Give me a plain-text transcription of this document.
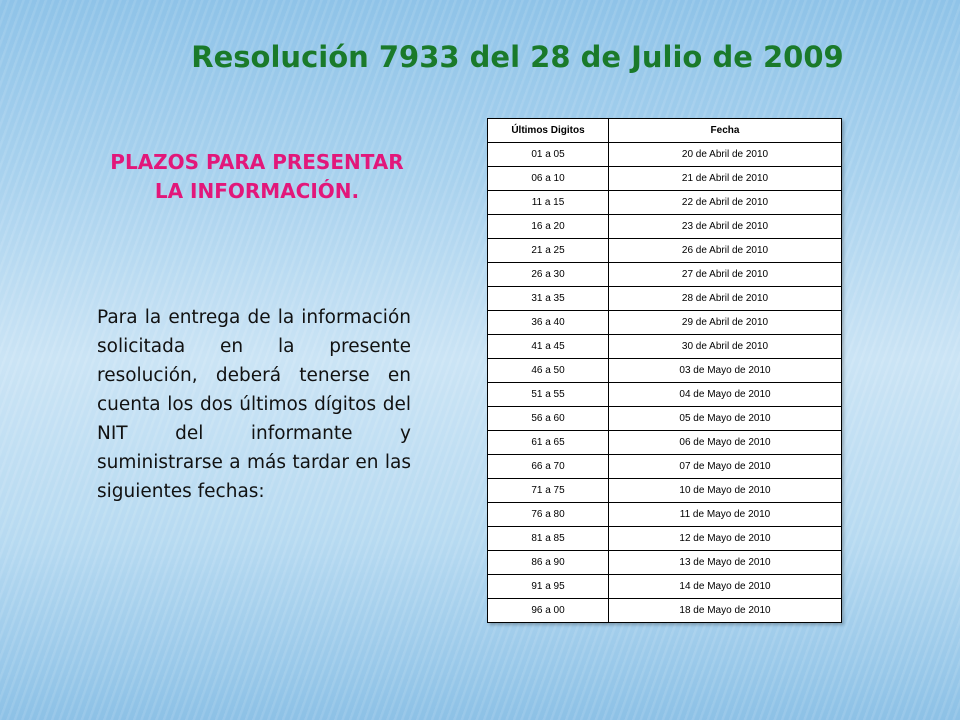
Resolución 7933 del 28 de Julio de 2009
PLAZOS PARA PRESENTAR LA INFORMACIÓN.

Para la entrega de la información solicitada en la presente resolución, deberá tenerse en cuenta los dos últimos dígitos del NIT del informante y suministrarse a más tardar en las siguientes fechas:

Últimos Digitos	Fecha
01 a 05	20 de Abril de 2010
06 a 10	21 de Abril de 2010
11 a 15	22 de Abril de 2010
16 a 20	23 de Abril de 2010
21 a 25	26 de Abril de 2010
26 a 30	27 de Abril de 2010
31 a 35	28 de Abril de 2010
36 a 40	29 de Abril de 2010
41 a 45	30 de Abril de 2010
46 a 50	03 de Mayo de 2010
51 a 55	04 de Mayo de 2010
56 a 60	05 de Mayo de 2010
61 a 65	06 de Mayo de 2010
66 a 70	07 de Mayo de 2010
71 a 75	10 de Mayo de 2010
76 a 80	11 de Mayo de 2010
81 a 85	12 de Mayo de 2010
86 a 90	13 de Mayo de 2010
91 a 95	14 de Mayo de 2010
96 a 00	18 de Mayo de 2010
